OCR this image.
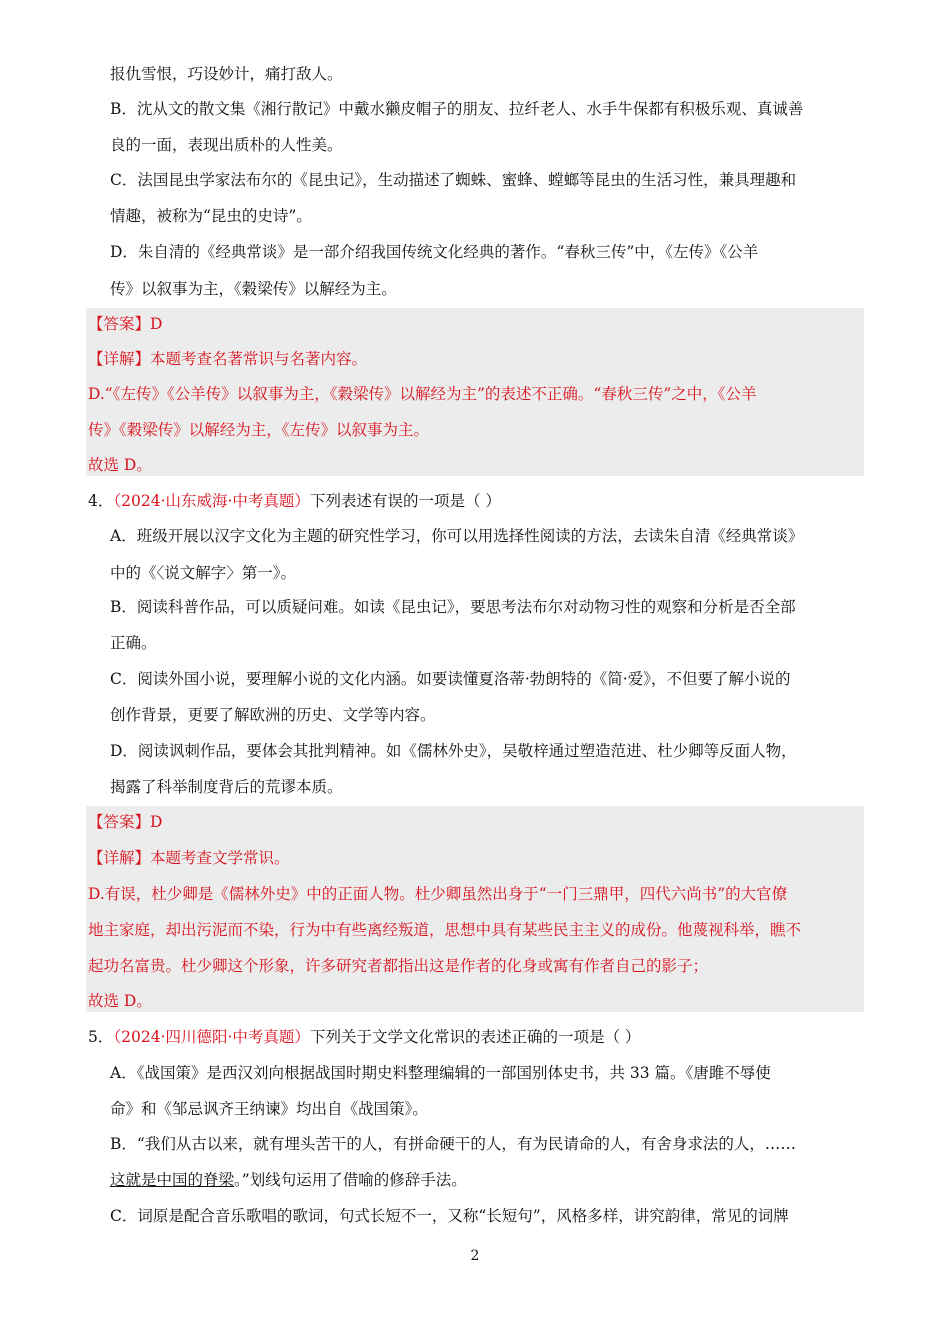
报仇雪恨，巧设妙计，痛打敌人。
B．沈从文的散文集《湘行散记》中戴水獭皮帽子的朋友、拉纤老人、水手牛保都有积极乐观、真诚善
良的一面，表现出质朴的人性美。
C．法国昆虫学家法布尔的《昆虫记》，生动描述了蜘蛛、蜜蜂、螳螂等昆虫的生活习性，兼具理趣和
情趣，被称为“昆虫的史诗”。
D．朱自清的《经典常谈》是一部介绍我国传统文化经典的著作。“春秋三传”中，《左传》《公羊
传》以叙事为主，《穀梁传》以解经为主。
【答案】D
【详解】本题考查名著常识与名著内容。
D.“《左传》《公羊传》以叙事为主，《穀梁传》以解经为主”的表述不正确。“春秋三传”之中，《公羊
传》《穀梁传》以解经为主，《左传》以叙事为主。
故选 D。
4．（2024·山东威海·中考真题）下列表述有误的一项是（ ）
A．班级开展以汉字文化为主题的研究性学习，你可以用选择性阅读的方法，去读朱自清《经典常谈》
中的《〈说文解字〉第一》。
B．阅读科普作品，可以质疑问难。如读《昆虫记》，要思考法布尔对动物习性的观察和分析是否全部
正确。
C．阅读外国小说，要理解小说的文化内涵。如要读懂夏洛蒂·勃朗特的《简·爱》，不但要了解小说的
创作背景，更要了解欧洲的历史、文学等内容。
D．阅读讽刺作品，要体会其批判精神。如《儒林外史》，吴敬梓通过塑造范进、杜少卿等反面人物，
揭露了科举制度背后的荒谬本质。
【答案】D
【详解】本题考查文学常识。
D.有误，杜少卿是《儒林外史》中的正面人物。杜少卿虽然出身于“一门三鼎甲，四代六尚书”的大官僚
地主家庭，却出污泥而不染，行为中有些离经叛道，思想中具有某些民主主义的成份。他蔑视科举，瞧不
起功名富贵。杜少卿这个形象，许多研究者都指出这是作者的化身或寓有作者自己的影子；
故选 D。
5．（2024·四川德阳·中考真题）下列关于文学文化常识的表述正确的一项是（ ）
A．《战国策》是西汉刘向根据战国时期史料整理编辑的一部国别体史书，共 33 篇。《唐雎不辱使
命》和《邹忌讽齐王纳谏》均出自《战国策》。
B．“我们从古以来，就有埋头苦干的人，有拼命硬干的人，有为民请命的人，有舍身求法的人，……
这就是中国的脊梁。”划线句运用了借喻的修辞手法。
C．词原是配合音乐歌唱的歌词，句式长短不一，又称“长短句”，风格多样，讲究韵律，常见的词牌
2
